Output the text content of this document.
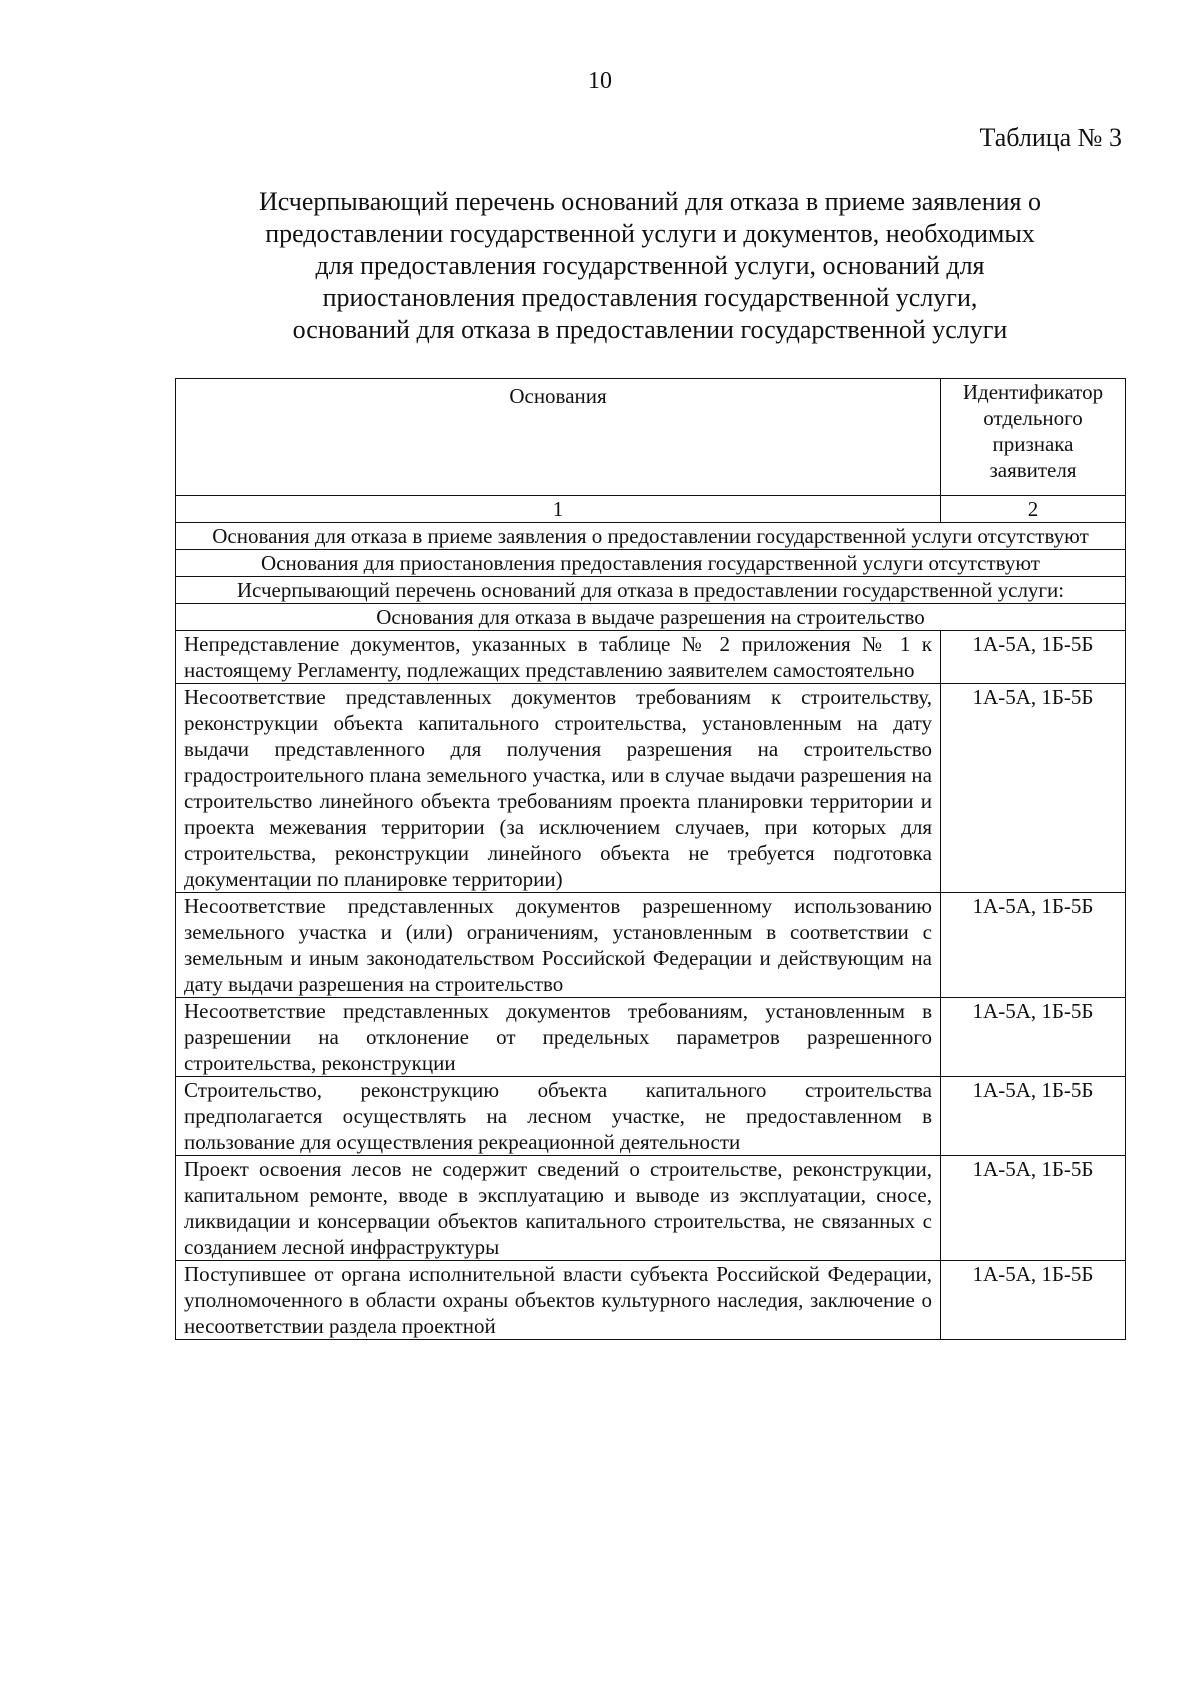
10
Таблица № 3
Исчерпывающий перечень оснований для отказа в приеме заявления о
предоставлении государственной услуги и документов, необходимых
для предоставления государственной услуги, оснований для
приостановления предоставления государственной услуги,
оснований для отказа в предоставлении государственной услуги
Основания	Идентификатор отдельного признака заявителя
1	2
Основания для отказа в приеме заявления о предоставлении государственной услуги отсутствуют	
Основания для приостановления предоставления государственной услуги отсутствуют	
Исчерпывающий перечень оснований для отказа в предоставлении государственной услуги:	
Основания для отказа в выдаче разрешения на строительство	
Непредставление документов, указанных в таблице № 2 приложения № 1 к настоящему Регламенту, подлежащих представлению заявителем самостоятельно	1А-5А, 1Б-5Б
Несоответствие представленных документов требованиям к строительству, реконструкции объекта капитального строительства, установленным на дату выдачи представленного для получения разрешения на строительство градостроительного плана земельного участка, или в случае выдачи разрешения на строительство линейного объекта требованиям проекта планировки территории и проекта межевания территории (за исключением случаев, при которых для строительства, реконструкции линейного объекта не требуется подготовка документации по планировке территории)	1А-5А, 1Б-5Б
Несоответствие представленных документов разрешенному использованию земельного участка и (или) ограничениям, установленным в соответствии с земельным и иным законодательством Российской Федерации и действующим на дату выдачи разрешения на строительство	1А-5А, 1Б-5Б
Несоответствие представленных документов требованиям, установленным в разрешении на отклонение от предельных параметров разрешенного строительства, реконструкции	1А-5А, 1Б-5Б
Строительство, реконструкцию объекта капитального строительства предполагается осуществлять на лесном участке, не предоставленном в пользование для осуществления рекреационной деятельности	1А-5А, 1Б-5Б
Проект освоения лесов не содержит сведений о строительстве, реконструкции, капитальном ремонте, вводе в эксплуатацию и выводе из эксплуатации, сносе, ликвидации и консервации объектов капитального строительства, не связанных с созданием лесной инфраструктуры	1А-5А, 1Б-5Б
Поступившее от органа исполнительной власти субъекта Российской Федерации, уполномоченного в области охраны объектов культурного наследия, заключение о несоответствии раздела проектной	1А-5А, 1Б-5Б
